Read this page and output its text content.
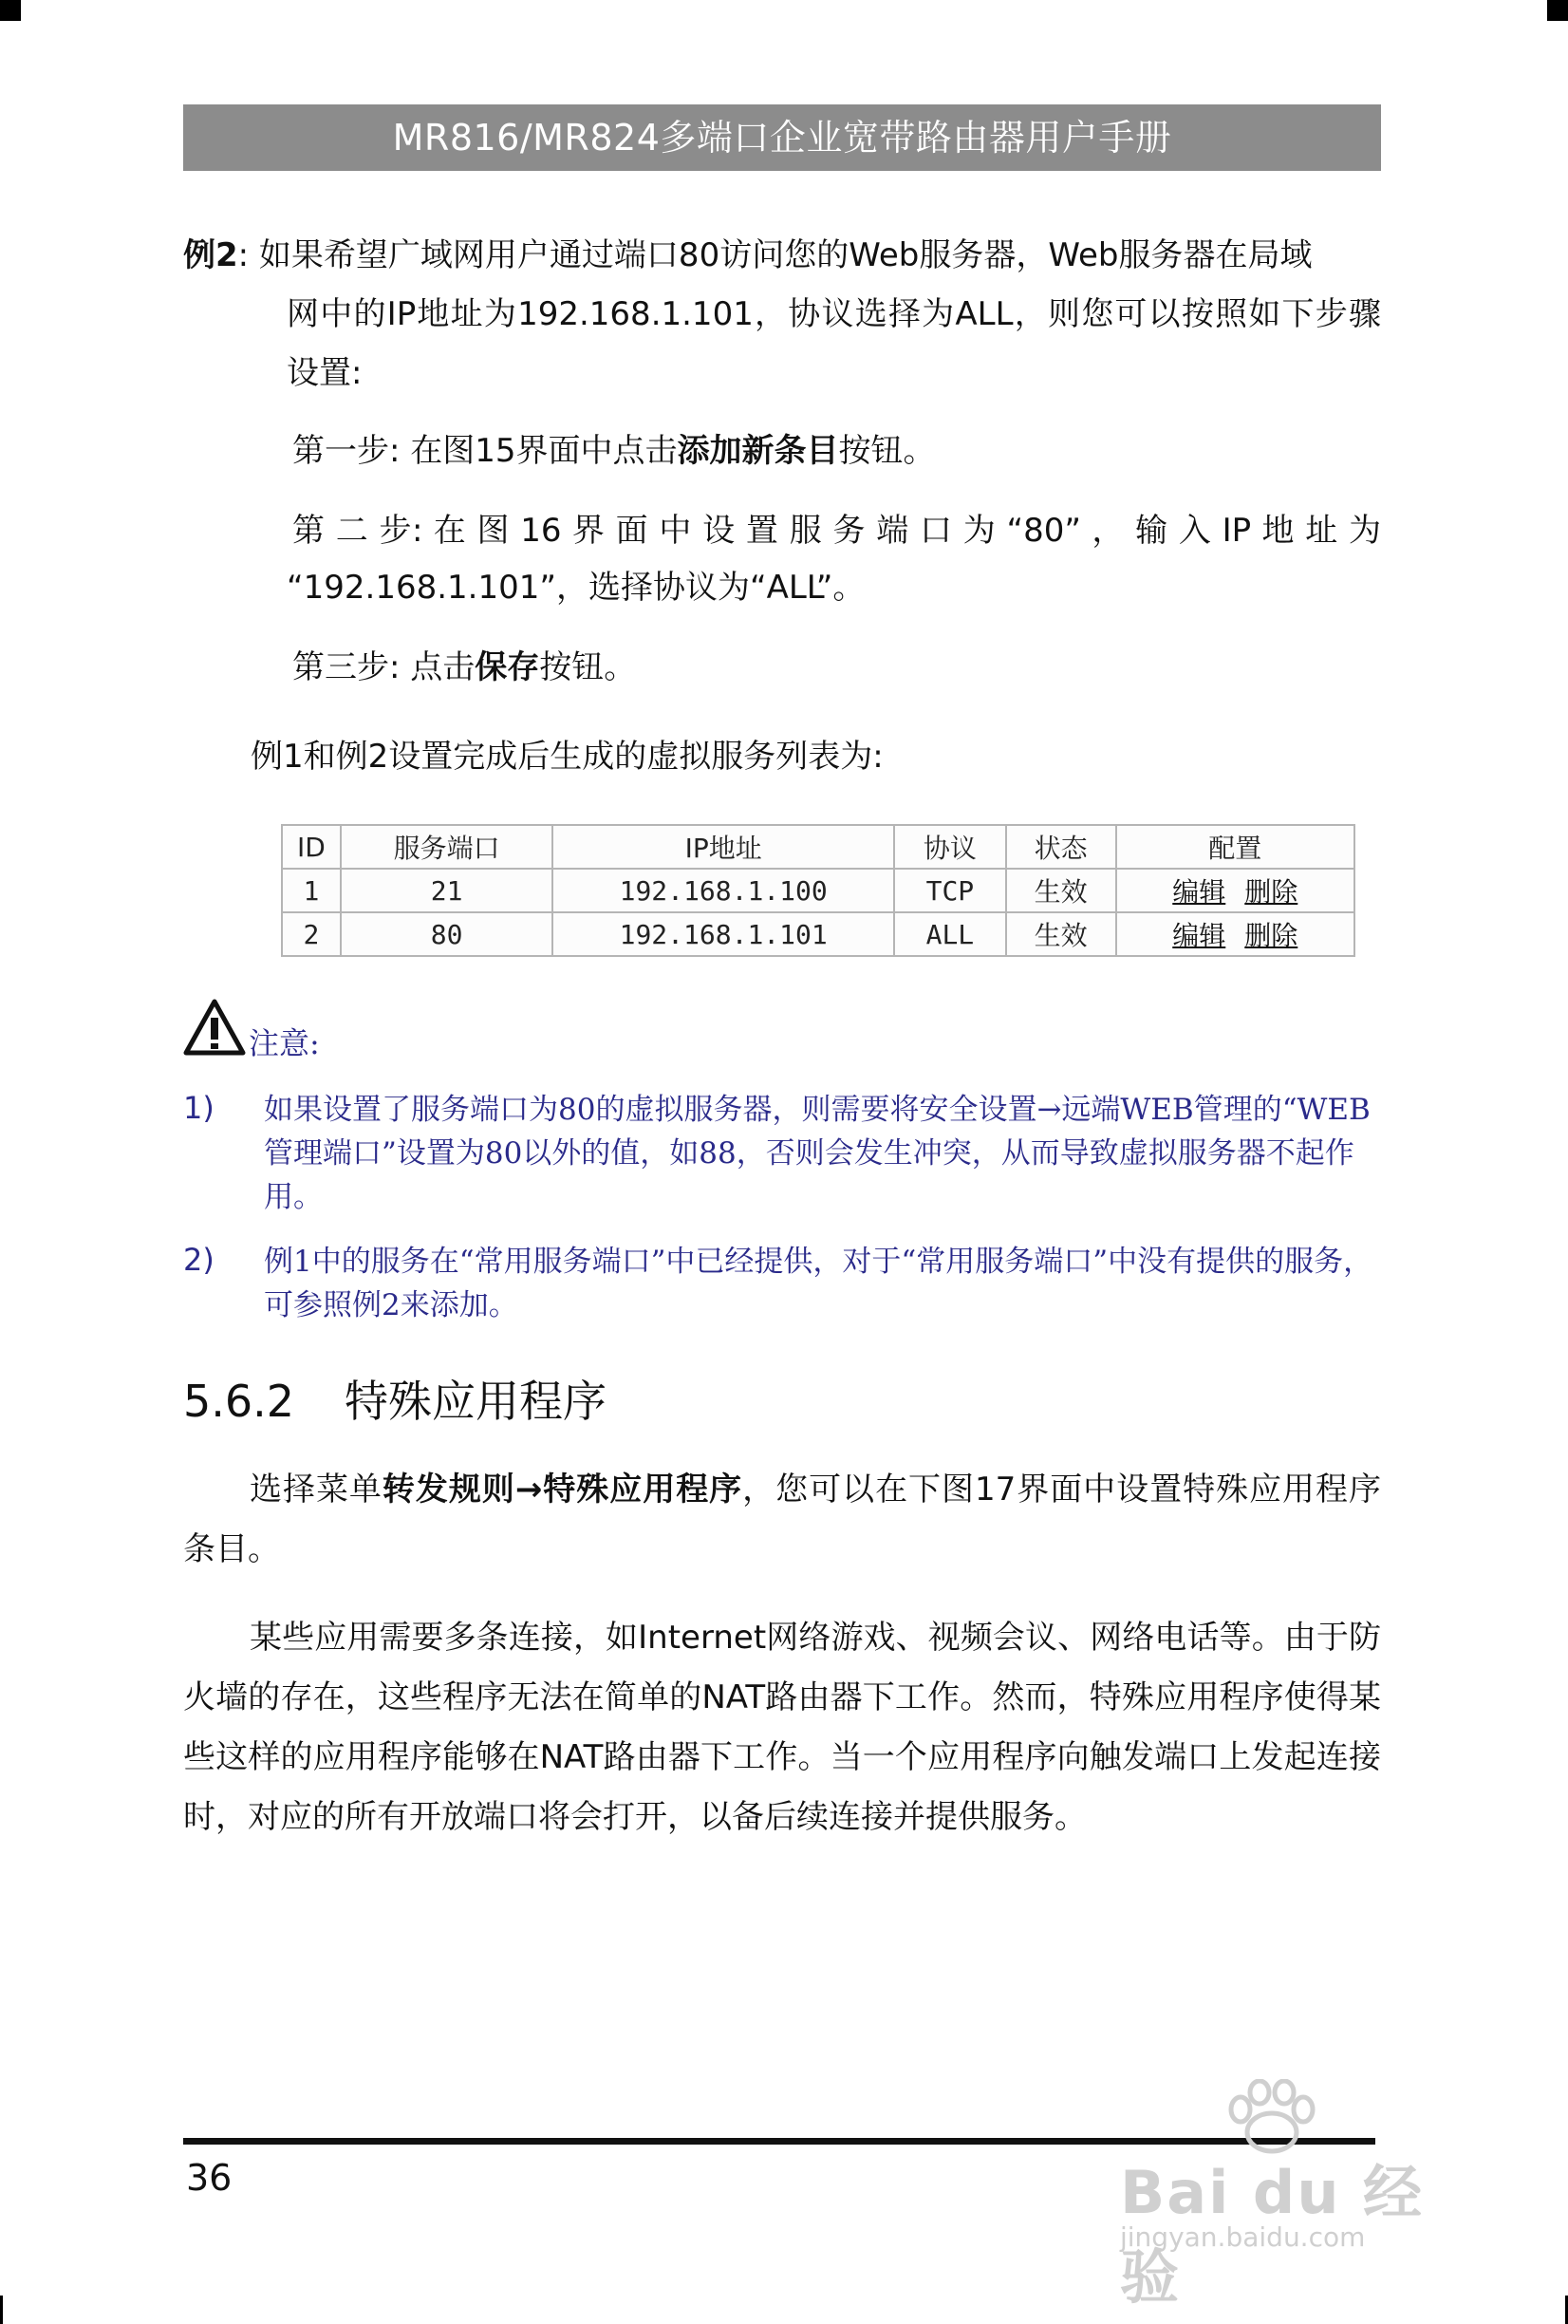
MR816/MR824多端口企业宽带路由器用户手册

例2: 如果希望广域网用户通过端口80访问您的Web服务器，Web服务器在局域

网中的IP地址为192.168.1.101，协议选择为ALL，则您可以按照如下步骤

设置:

第一步: 在图15界面中点击添加新条目按钮。

第 二 步: 在 图 16 界 面 中 设 置 服 务 端 口 为 “80” ， 输 入 IP 地 址 为

“192.168.1.101”，选择协议为“ALL”。

第三步: 点击保存按钮。

例1和例2设置完成后生成的虚拟服务列表为:

ID	服务端口	IP地址	协议	状态	配置
1	21	192.168.1.100	TCP	生效	编辑 删除
2	80	192.168.1.101	ALL	生效	编辑 删除
注意:
1) 如果设置了服务端口为80的虚拟服务器，则需要将安全设置→远端WEB管理的“WEB管理端口”设置为80以外的值，如88，否则会发生冲突，从而导致虚拟服务器不起作用。

2) 例1中的服务在“常用服务端口”中已经提供，对于“常用服务端口”中没有提供的服务，可参照例2来添加。

5.6.2 特殊应用程序

选择菜单转发规则→特殊应用程序，您可以在下图17界面中设置特殊应用程序条目。

某些应用需要多条连接，如Internet网络游戏、视频会议、网络电话等。由于防火墙的存在，这些程序无法在简单的NAT路由器下工作。然而，特殊应用程序使得某些这样的应用程序能够在NAT路由器下工作。当一个应用程序向触发端口上发起连接时，对应的所有开放端口将会打开，以备后续连接并提供服务。

36	Bai du 经验
jingyan.baidu.com
